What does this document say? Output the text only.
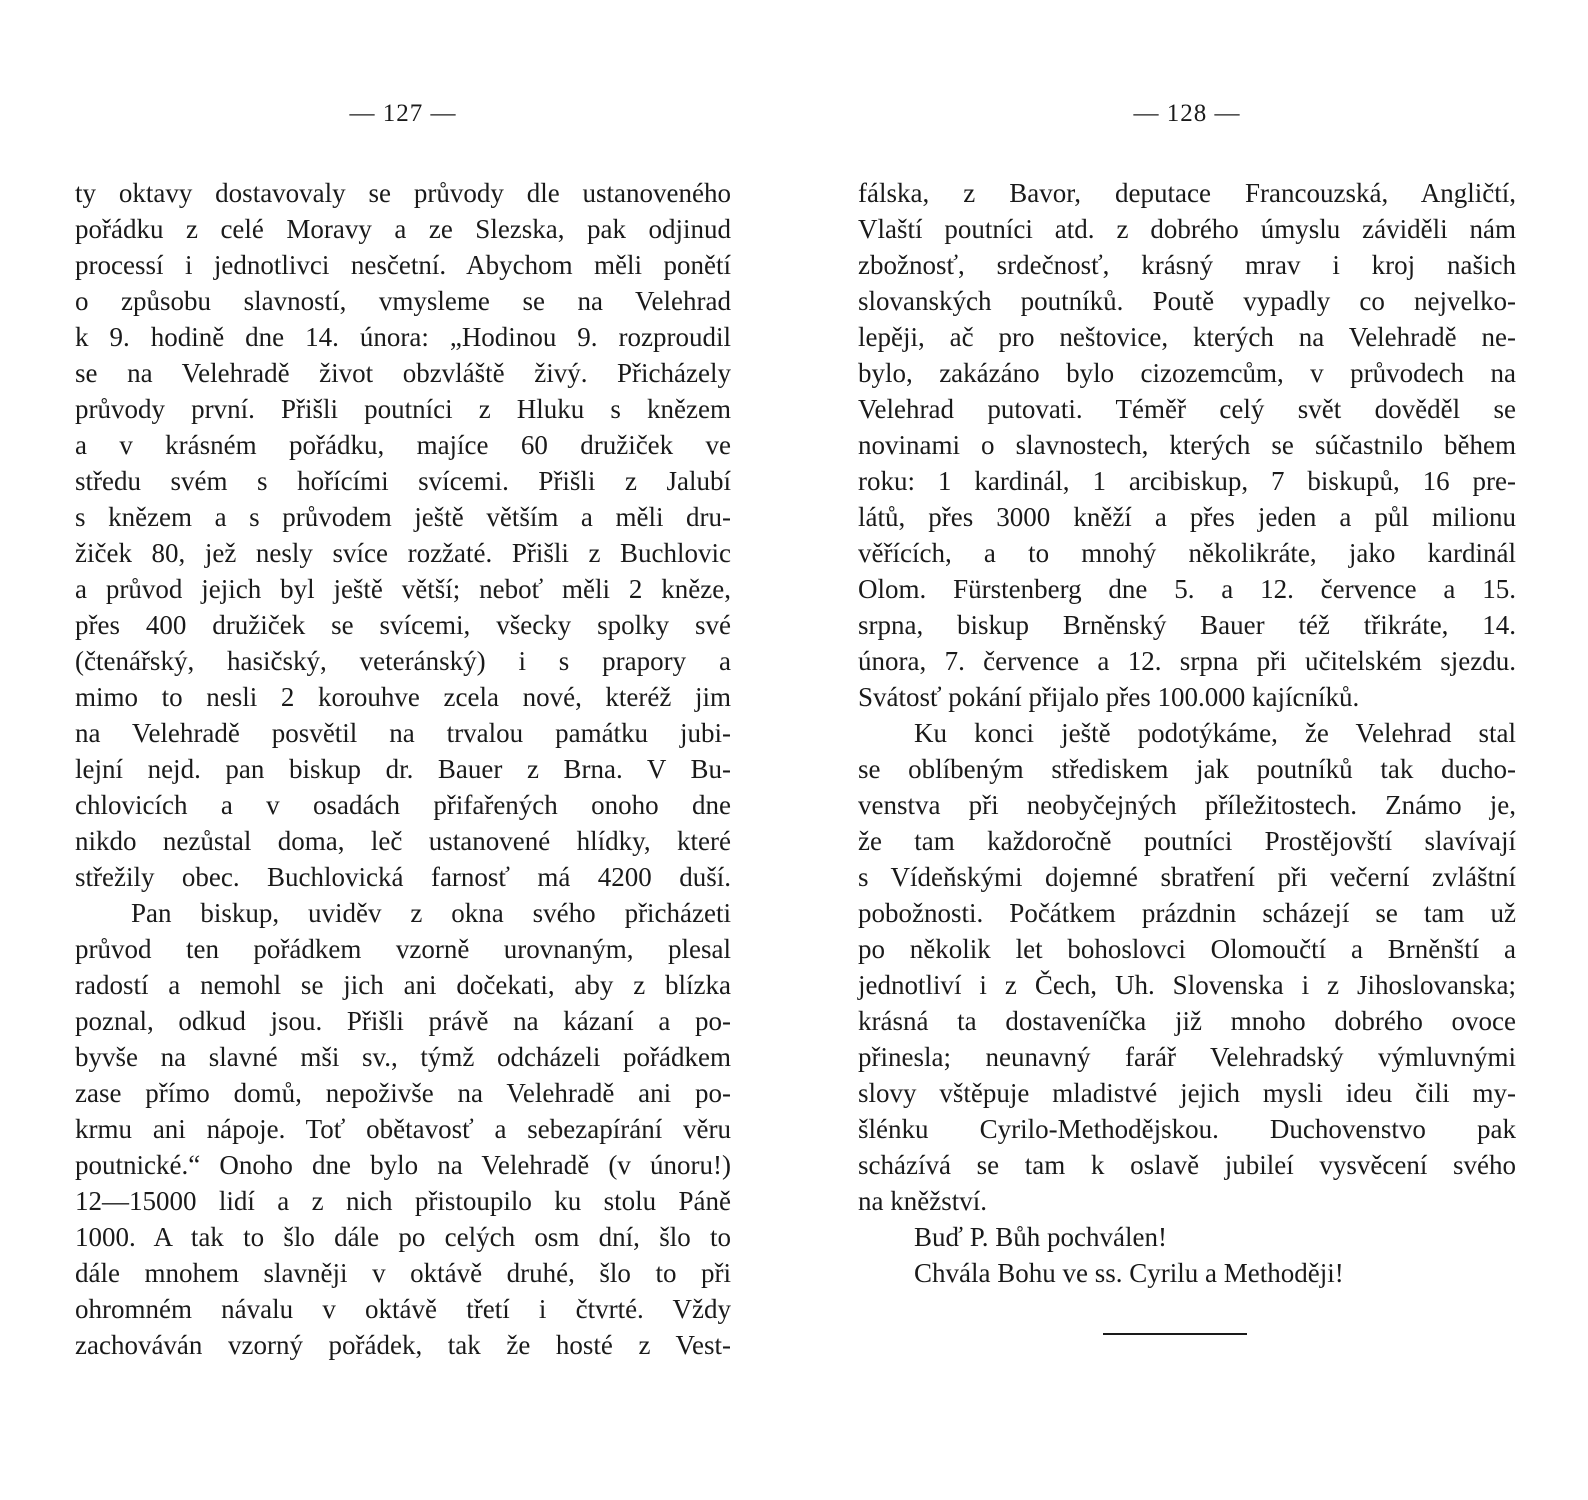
— 127 —
ty oktavy dostavovaly se průvody dle ustanoveného
pořádku z celé Moravy a ze Slezska, pak odjinud
processí i jednotlivci nesčetní. Abychom měli ponětí
o způsobu slavností, vmysleme se na Velehrad
k 9. hodině dne 14. února: „Hodinou 9. rozproudil
se na Velehradě život obzvláště živý. Přicházely
průvody první. Přišli poutníci z Hluku s knězem
a v krásném pořádku, majíce 60 družiček ve
středu svém s hořícími svícemi. Přišli z Jalubí
s knězem a s průvodem ještě větším a měli dru-
žiček 80, jež nesly svíce rozžaté. Přišli z Buchlovic
a průvod jejich byl ještě větší; neboť měli 2 kněze,
přes 400 družiček se svícemi, všecky spolky své
(čtenářský, hasičský, veteránský) i s prapory a
mimo to nesli 2 korouhve zcela nové, kteréž jim
na Velehradě posvětil na trvalou památku jubi-
lejní nejd. pan biskup dr. Bauer z Brna. V Bu-
chlovicích a v osadách přifařených onoho dne
nikdo nezůstal doma, leč ustanovené hlídky, které
střežily obec. Buchlovická farnosť má 4200 duší.
Pan biskup, uviděv z okna svého přicházeti
průvod ten pořádkem vzorně urovnaným, plesal
radostí a nemohl se jich ani dočekati, aby z blízka
poznal, odkud jsou. Přišli právě na kázaní a po-
byvše na slavné mši sv., týmž odcházeli pořádkem
zase přímo domů, nepoživše na Velehradě ani po-
krmu ani nápoje. Toť obětavosť a sebezapírání věru
poutnické.“ Onoho dne bylo na Velehradě (v únoru!)
12—15000 lidí a z nich přistoupilo ku stolu Páně
1000. A tak to šlo dále po celých osm dní, šlo to
dále mnohem slavněji v oktávě druhé, šlo to při
ohromném návalu v oktávě třetí i čtvrté. Vždy
zachováván vzorný pořádek, tak že hosté z Vest-
— 128 —
fálska, z Bavor, deputace Francouzská, Angličtí,
Vlaští poutníci atd. z dobrého úmyslu záviděli nám
zbožnosť, srdečnosť, krásný mrav i kroj našich
slovanských poutníků. Poutě vypadly co nejvelko-
lepěji, ač pro neštovice, kterých na Velehradě ne-
bylo, zakázáno bylo cizozemcům, v průvodech na
Velehrad putovati. Téměř celý svět dověděl se
novinami o slavnostech, kterých se súčastnilo během
roku: 1 kardinál, 1 arcibiskup, 7 biskupů, 16 pre-
látů, přes 3000 kněží a přes jeden a půl milionu
věřících, a to mnohý několikráte, jako kardinál
Olom. Fürstenberg dne 5. a 12. července a 15.
srpna, biskup Brněnský Bauer též třikráte, 14.
února, 7. července a 12. srpna při učitelském sjezdu.
Svátosť pokání přijalo přes 100.000 kajícníků.
Ku konci ještě podotýkáme, že Velehrad stal
se oblíbeným střediskem jak poutníků tak ducho-
venstva při neobyčejných příležitostech. Známo je,
že tam každoročně poutníci Prostějovští slavívají
s Vídeňskými dojemné sbratření při večerní zvláštní
pobožnosti. Počátkem prázdnin scházejí se tam už
po několik let bohoslovci Olomoučtí a Brněnští a
jednotliví i z Čech, Uh. Slovenska i z Jihoslovanska;
krásná ta dostaveníčka již mnoho dobrého ovoce
přinesla; neunavný farář Velehradský výmluvnými
slovy vštěpuje mladistvé jejich mysli ideu čili my-
šlénku Cyrilo-Methodějskou. Duchovenstvo pak
scházívá se tam k oslavě jubileí vysvěcení svého
na kněžství.
Buď P. Bůh pochválen!
Chvála Bohu ve ss. Cyrilu a Methodějі!
